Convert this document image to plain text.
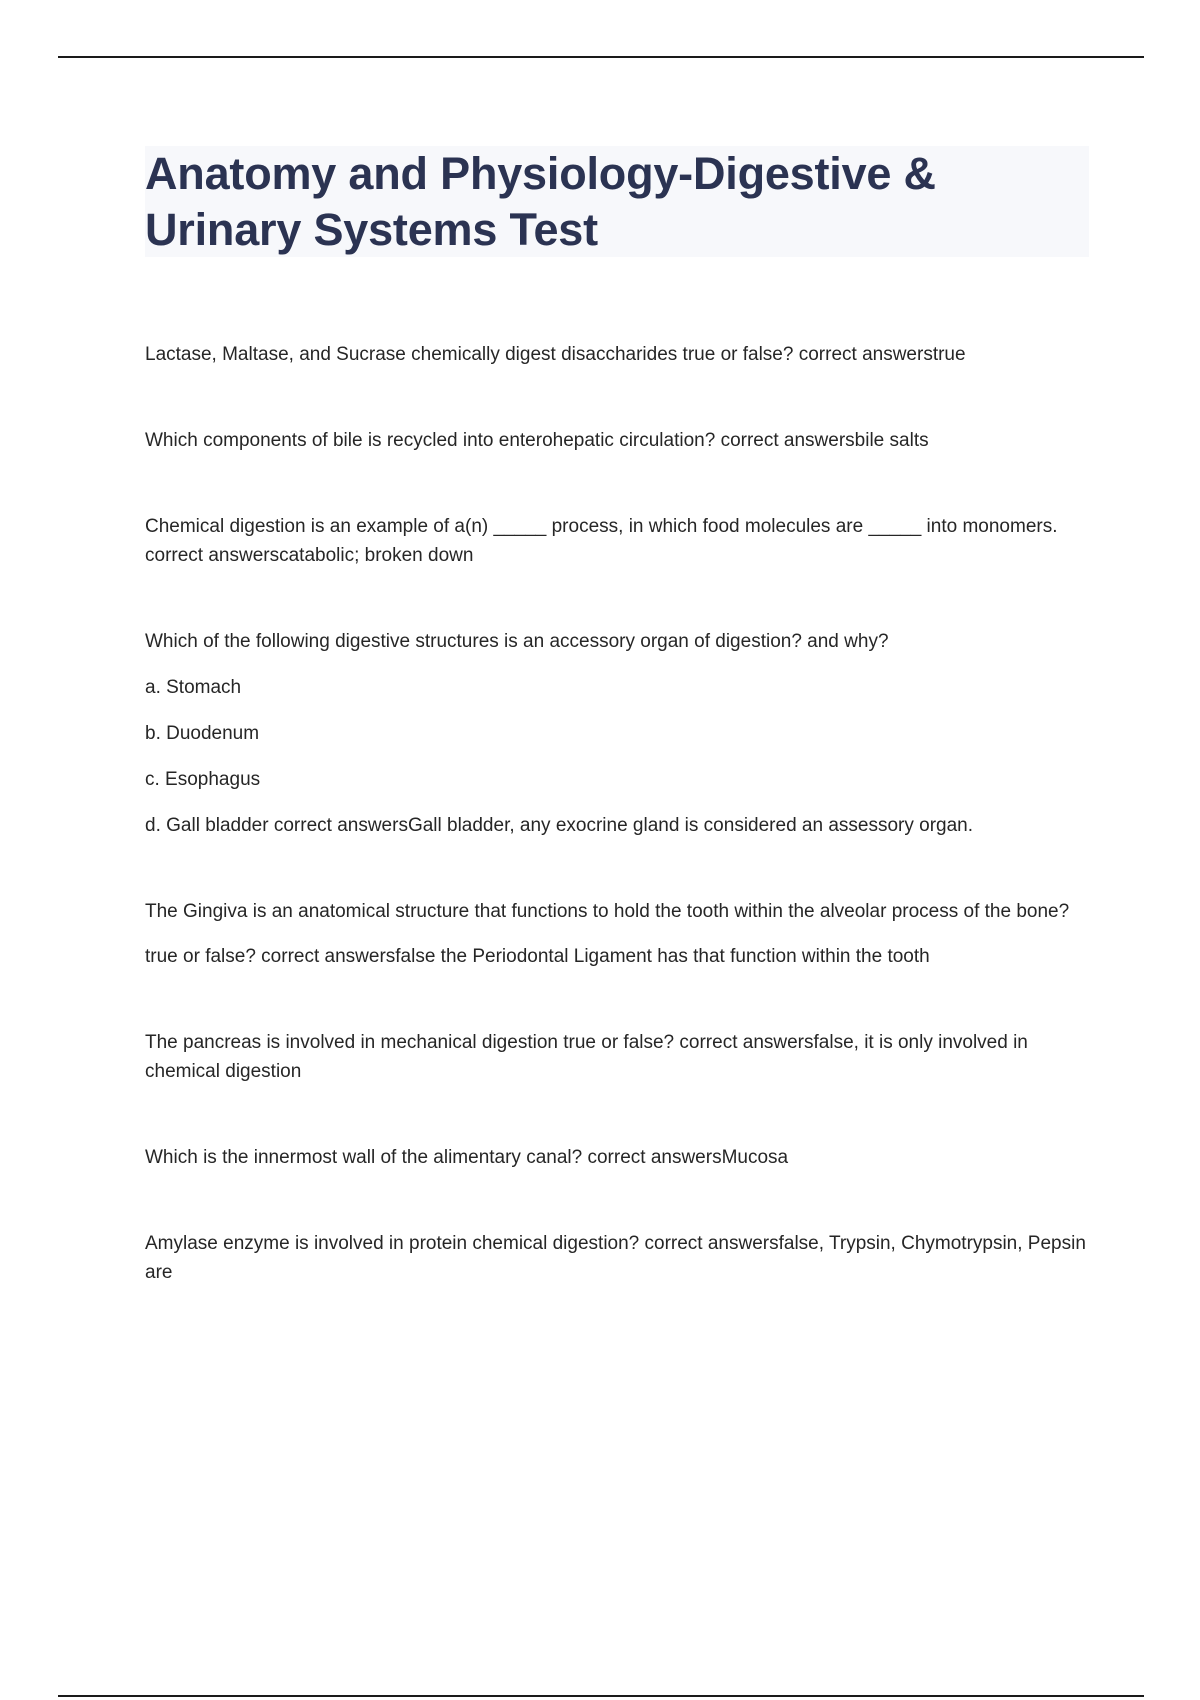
Anatomy and Physiology-Digestive & Urinary Systems Test

Lactase, Maltase, and Sucrase chemically digest disaccharides true or false? correct answerstrue

Which components of bile is recycled into enterohepatic circulation? correct answersbile salts

Chemical digestion is an example of a(n) _____ process, in which food molecules are _____ into monomers. correct answerscatabolic; broken down

Which of the following digestive structures is an accessory organ of digestion? and why?

a. Stomach

b. Duodenum

c. Esophagus

d. Gall bladder correct answersGall bladder, any exocrine gland is considered an assessory organ.

The Gingiva is an anatomical structure that functions to hold the tooth within the alveolar process of the bone?

true or false? correct answersfalse the Periodontal Ligament has that function within the tooth

The pancreas is involved in mechanical digestion true or false? correct answersfalse, it is only involved in chemical digestion

Which is the innermost wall of the alimentary canal? correct answersMucosa

Amylase enzyme is involved in protein chemical digestion? correct answersfalse, Trypsin, Chymotrypsin, Pepsin are
